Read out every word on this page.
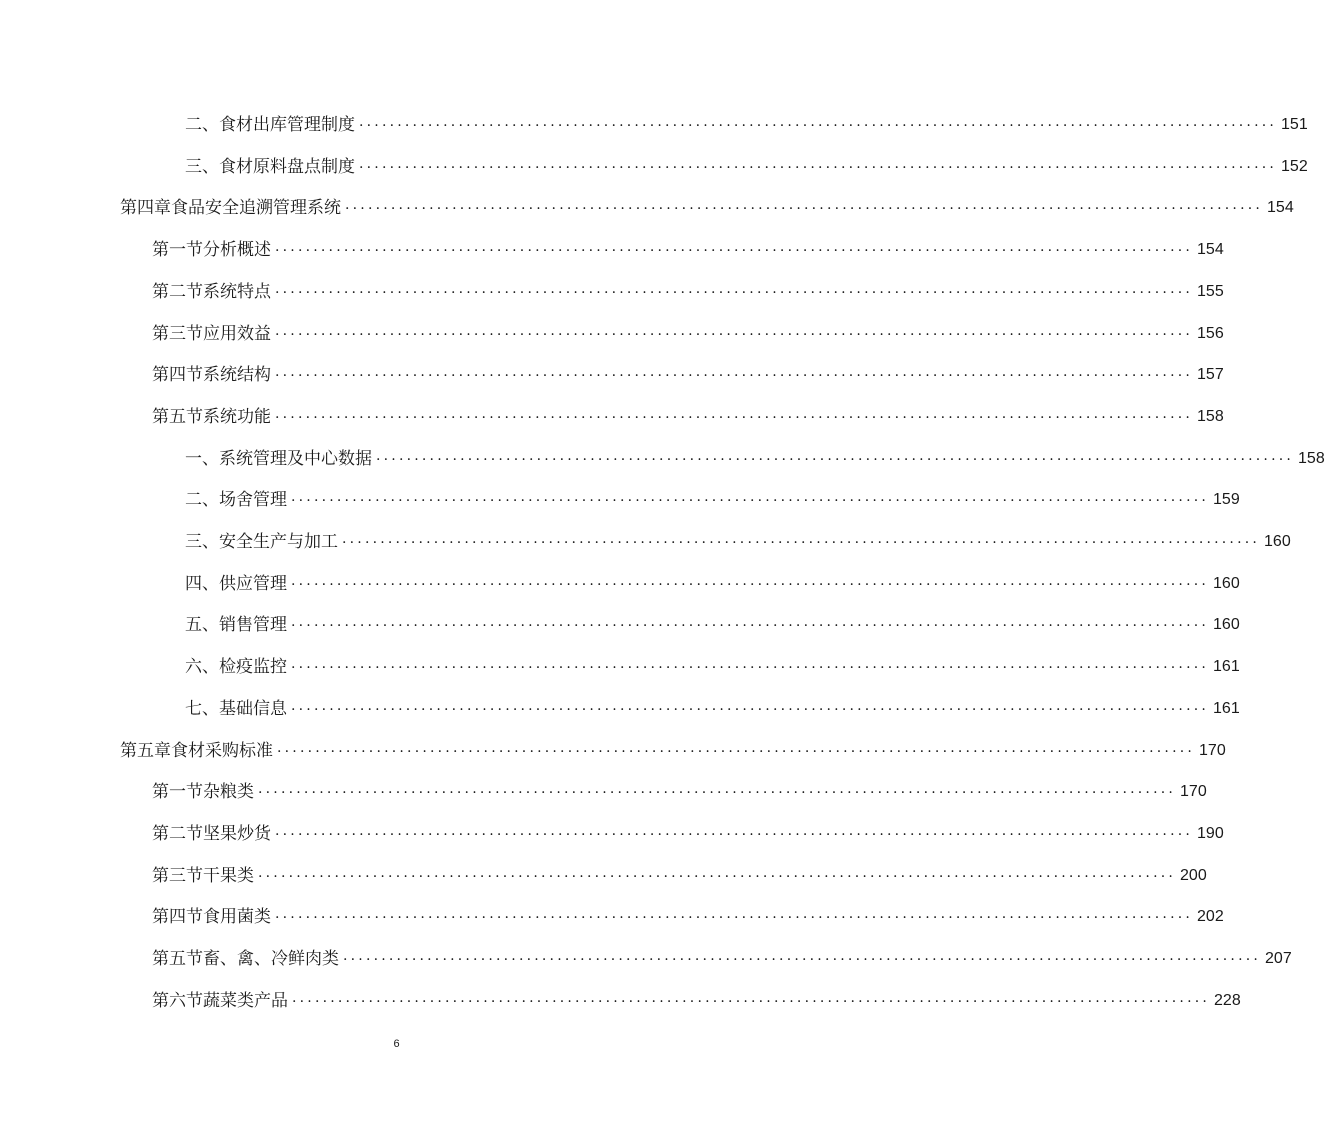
二、 食材出库管理制度 ........................................................................................................................ 151
三、 食材原料盘点制度 ........................................................................................................................ 152
第四章 食品安全追溯管理系统 ........................................................................................................................ 154
第一节 分析概述 ........................................................................................................................ 154
第二节 系统特点 ........................................................................................................................ 155
第三节 应用效益 ........................................................................................................................ 156
第四节 系统结构 ........................................................................................................................ 157
第五节 系统功能 ........................................................................................................................ 158
一、 系统管理及中心数据 ........................................................................................................................ 158
二、 场舍管理 ........................................................................................................................ 159
三、 安全生产与加工 ........................................................................................................................ 160
四、 供应管理 ........................................................................................................................ 160
五、 销售管理 ........................................................................................................................ 160
六、 检疫监控 ........................................................................................................................ 161
七、 基础信息 ........................................................................................................................ 161
第五章 食材采购标准 ........................................................................................................................ 170
第一节 杂粮类 ........................................................................................................................ 170
第二节 坚果炒货 ........................................................................................................................ 190
第三节 干果类 ........................................................................................................................ 200
第四节 食用菌类 ........................................................................................................................ 202
第五节 畜、禽、冷鲜肉类 ........................................................................................................................ 207
第六节 蔬菜类产品 ........................................................................................................................ 228
6
